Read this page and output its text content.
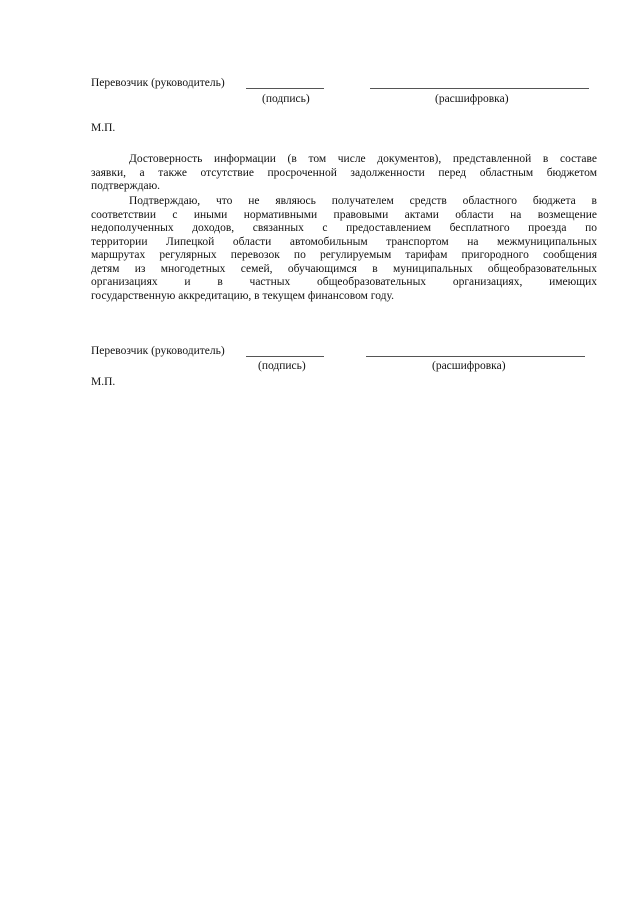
Перевозчик (руководитель)
(подпись)	(расшифровка)
М.П.
Достоверность информации (в том числе документов), представленной в составе
заявки, а также отсутствие просроченной задолженности перед областным бюджетом
подтверждаю.
Подтверждаю, что не являюсь получателем средств областного бюджета в
соответствии с иными нормативными правовыми актами области на возмещение
недополученных доходов, связанных с предоставлением бесплатного проезда по
территории Липецкой области автомобильным транспортом на межмуниципальных
маршрутах регулярных перевозок по регулируемым тарифам пригородного сообщения
детям из многодетных семей, обучающимся в муниципальных общеобразовательных
организациях и в частных общеобразовательных организациях, имеющих
государственную аккредитацию, в текущем финансовом году.
Перевозчик (руководитель)
(подпись)	(расшифровка)
М.П.
